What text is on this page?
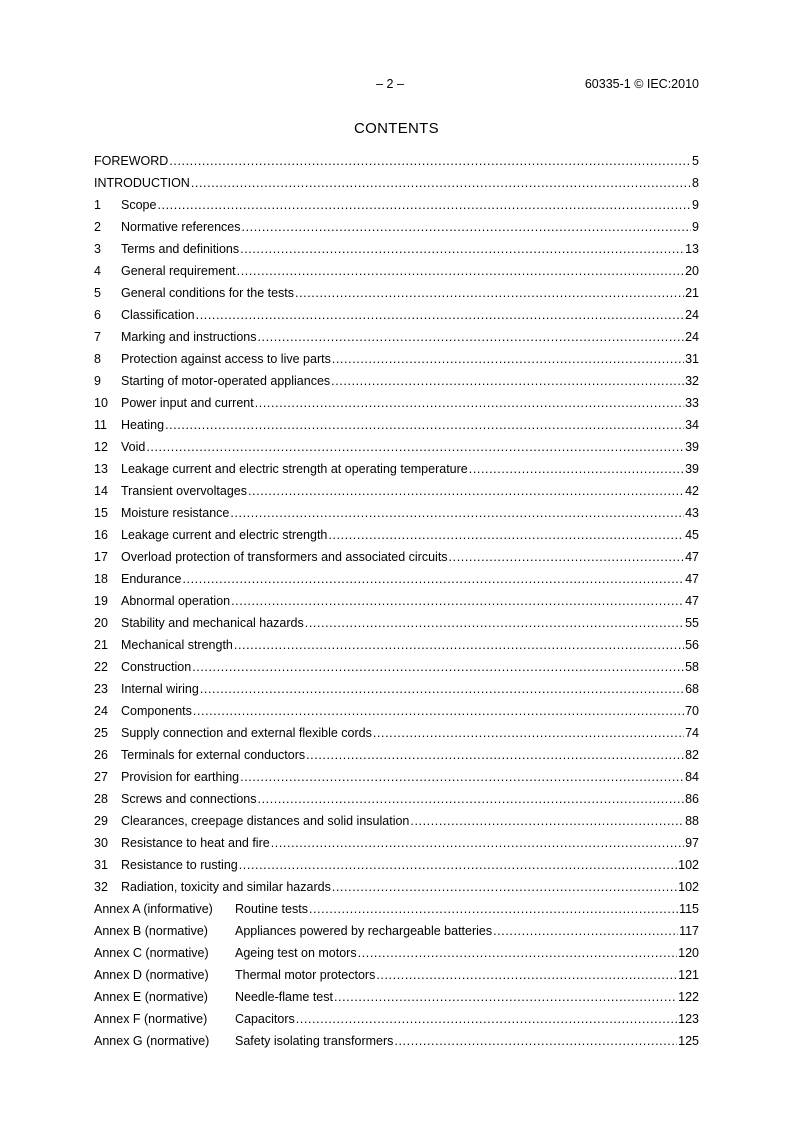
– 2 –	60335-1 © IEC:2010
CONTENTS
FOREWORD .....	5
INTRODUCTION .....	8
1	Scope .....	9
2	Normative references .....	9
3	Terms and definitions .....	13
4	General requirement .....	20
5	General conditions for the tests .....	21
6	Classification .....	24
7	Marking and instructions .....	24
8	Protection against access to live parts .....	31
9	Starting of motor-operated appliances .....	32
10	Power input and current .....	33
11	Heating .....	34
12	Void .....	39
13	Leakage current and electric strength at operating temperature .....	39
14	Transient overvoltages .....	42
15	Moisture resistance .....	43
16	Leakage current and electric strength .....	45
17	Overload protection of transformers and associated circuits .....	47
18	Endurance .....	47
19	Abnormal operation .....	47
20	Stability and mechanical hazards .....	55
21	Mechanical strength .....	56
22	Construction .....	58
23	Internal wiring .....	68
24	Components .....	70
25	Supply connection and external flexible cords .....	74
26	Terminals for external conductors .....	82
27	Provision for earthing .....	84
28	Screws and connections .....	86
29	Clearances, creepage distances and solid insulation .....	88
30	Resistance to heat and fire .....	97
31	Resistance to rusting .....	102
32	Radiation, toxicity and similar hazards .....	102
Annex A (informative)	Routine tests .....	115
Annex B (normative)	Appliances powered by rechargeable batteries .....	117
Annex C (normative)	Ageing test on motors .....	120
Annex D (normative)	Thermal motor protectors .....	121
Annex E (normative)	Needle-flame test .....	122
Annex F (normative)	Capacitors .....	123
Annex G (normative)	Safety isolating transformers .....	125
